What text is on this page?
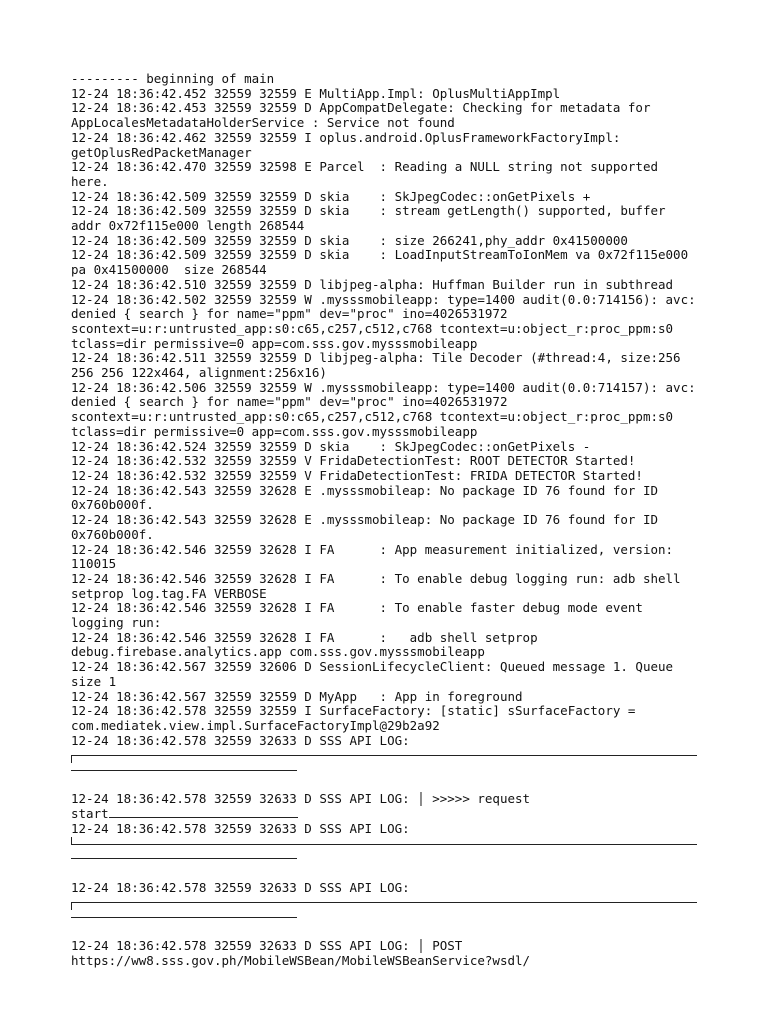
--------- beginning of main
12-24 18:36:42.452 32559 32559 E MultiApp.Impl: OplusMultiAppImpl
12-24 18:36:42.453 32559 32559 D AppCompatDelegate: Checking for metadata for
AppLocalesMetadataHolderService : Service not found
12-24 18:36:42.462 32559 32559 I oplus.android.OplusFrameworkFactoryImpl:
getOplusRedPacketManager
12-24 18:36:42.470 32559 32598 E Parcel  : Reading a NULL string not supported
here.
12-24 18:36:42.509 32559 32559 D skia    : SkJpegCodec::onGetPixels +
12-24 18:36:42.509 32559 32559 D skia    : stream getLength() supported, buffer
addr 0x72f115e000 length 268544
12-24 18:36:42.509 32559 32559 D skia    : size 266241,phy_addr 0x41500000
12-24 18:36:42.509 32559 32559 D skia    : LoadInputStreamToIonMem va 0x72f115e000
pa 0x41500000  size 268544
12-24 18:36:42.510 32559 32559 D libjpeg-alpha: Huffman Builder run in subthread
12-24 18:36:42.502 32559 32559 W .mysssmobileapp: type=1400 audit(0.0:714156): avc:
denied { search } for name="ppm" dev="proc" ino=4026531972
scontext=u:r:untrusted_app:s0:c65,c257,c512,c768 tcontext=u:object_r:proc_ppm:s0
tclass=dir permissive=0 app=com.sss.gov.mysssmobileapp
12-24 18:36:42.511 32559 32559 D libjpeg-alpha: Tile Decoder (#thread:4, size:256
256 256 122x464, alignment:256x16)
12-24 18:36:42.506 32559 32559 W .mysssmobileapp: type=1400 audit(0.0:714157): avc:
denied { search } for name="ppm" dev="proc" ino=4026531972
scontext=u:r:untrusted_app:s0:c65,c257,c512,c768 tcontext=u:object_r:proc_ppm:s0
tclass=dir permissive=0 app=com.sss.gov.mysssmobileapp
12-24 18:36:42.524 32559 32559 D skia    : SkJpegCodec::onGetPixels -
12-24 18:36:42.532 32559 32559 V FridaDetectionTest: ROOT DETECTOR Started!
12-24 18:36:42.532 32559 32559 V FridaDetectionTest: FRIDA DETECTOR Started!
12-24 18:36:42.543 32559 32628 E .mysssmobileap: No package ID 76 found for ID
0x760b000f.
12-24 18:36:42.543 32559 32628 E .mysssmobileap: No package ID 76 found for ID
0x760b000f.
12-24 18:36:42.546 32559 32628 I FA      : App measurement initialized, version:
110015
12-24 18:36:42.546 32559 32628 I FA      : To enable debug logging run: adb shell
setprop log.tag.FA VERBOSE
12-24 18:36:42.546 32559 32628 I FA      : To enable faster debug mode event
logging run:
12-24 18:36:42.546 32559 32628 I FA      :   adb shell setprop
debug.firebase.analytics.app com.sss.gov.mysssmobileapp
12-24 18:36:42.567 32559 32606 D SessionLifecycleClient: Queued message 1. Queue
size 1
12-24 18:36:42.567 32559 32559 D MyApp   : App in foreground
12-24 18:36:42.578 32559 32559 I SurfaceFactory: [static] sSurfaceFactory =
com.mediatek.view.impl.SurfaceFactoryImpl@29b2a92
12-24 18:36:42.578 32559 32633 D SSS API LOG:
12-24 18:36:42.578 32559 32633 D SSS API LOG: │ >>>>> request
start
12-24 18:36:42.578 32559 32633 D SSS API LOG:
12-24 18:36:42.578 32559 32633 D SSS API LOG:
12-24 18:36:42.578 32559 32633 D SSS API LOG: │ POST
https://ww8.sss.gov.ph/MobileWSBean/MobileWSBeanService?wsdl/
